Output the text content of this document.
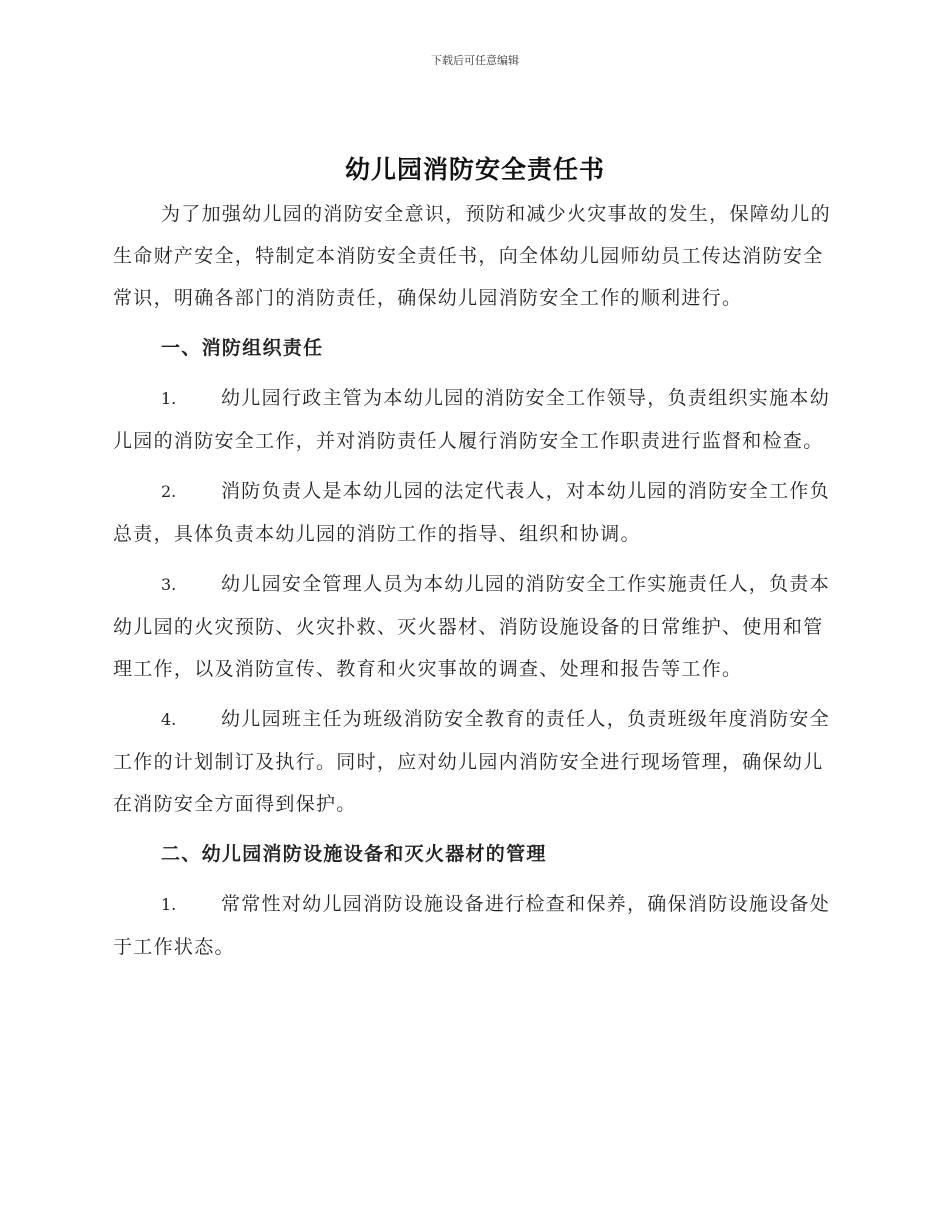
下载后可任意编辑
幼儿园消防安全责任书

为了加强幼儿园的消防安全意识，预防和减少火灾事故的发生，保障幼儿的生命财产安全，特制定本消防安全责任书，向全体幼儿园师幼员工传达消防安全常识，明确各部门的消防责任，确保幼儿园消防安全工作的顺利进行。

一、消防组织责任

1. 幼儿园行政主管为本幼儿园的消防安全工作领导，负责组织实施本幼儿园的消防安全工作，并对消防责任人履行消防安全工作职责进行监督和检查。

2. 消防负责人是本幼儿园的法定代表人，对本幼儿园的消防安全工作负总责，具体负责本幼儿园的消防工作的指导、组织和协调。

3. 幼儿园安全管理人员为本幼儿园的消防安全工作实施责任人，负责本幼儿园的火灾预防、火灾扑救、灭火器材、消防设施设备的日常维护、使用和管理工作，以及消防宣传、教育和火灾事故的调查、处理和报告等工作。

4. 幼儿园班主任为班级消防安全教育的责任人，负责班级年度消防安全工作的计划制订及执行。同时，应对幼儿园内消防安全进行现场管理，确保幼儿在消防安全方面得到保护。

二、幼儿园消防设施设备和灭火器材的管理

1. 常常性对幼儿园消防设施设备进行检查和保养，确保消防设施设备处于工作状态。
